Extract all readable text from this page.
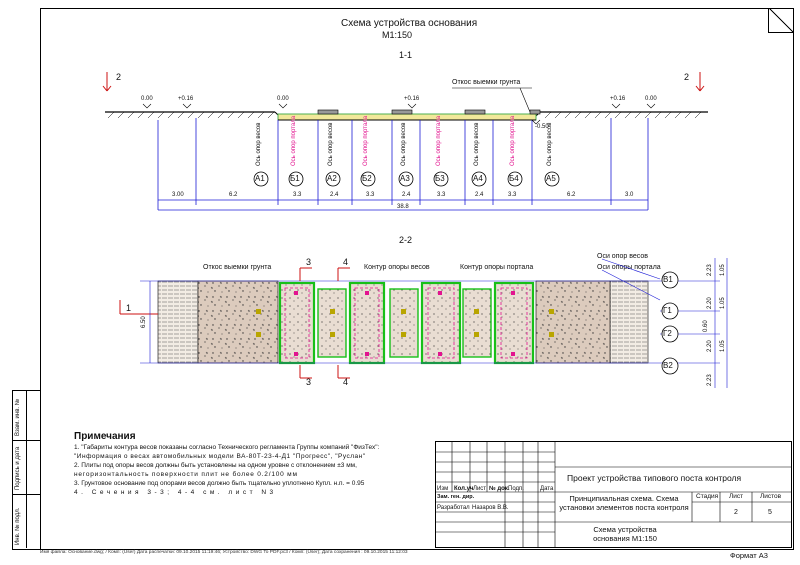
Схема устройства основания
М1:150
1-1
2	2
Откос выемки грунта
0.00	+0.16	0.00	+0.16
-0.50
+0.16	0.00
Ось опор весов	Ось опор портала	Ось опор весов	Ось опор портала	Ось опор весов	Ось опор портала	Ось опор весов	Ось опор портала	Ось опор весов
А1	Б1	А2	Б2	А3	Б3	А4	Б4	А5
3.00	6.2	3.3	2.4	3.3	2.4	3.3	2.4	3.3	6.2	3.0
38.8
2-2
Откос выемки грунта	Контур опоры весов	Контур опоры портала
Оси опор весов
Оси опоры портала
3	4
3	4
1
В1
Г1
Г2
В2
6.50
2.23 1.05
2.20 1.05
0.60
2.20 1.05
2.23
Примечания
1. "Габариты контура весов показаны согласно Технического регламента Группы компаний "ФизТех":
"Информация о весах автомобильных модели ВА-80Т-23-4-Д1 "Прогресс", "Руслан"
2. Плиты под опоры весов должны быть установлены на одном уровне с отклонением ±3 мм,
негоризонтальность поверхности плит не более 0.2/100 мм
3. Грунтовое основание под опорами весов должно быть тщательно уплотнено Купл. н.п. = 0.95
4. Сечения 3-3; 4-4 см. лист N3
Взам. инв. №
Подпись и дата
Инв. № подл.
Проект устройства типового поста контроля
Изм Кол.уч Лист № док.
Подп.	Дата
Зам. ген. дир.
Разработал Назаров В.В.
Принципиальная схема. Схема установки элементов поста контроля
Стадия Лист	Листов
2	5
Схема устройства основания М1:150
Имя файла: Основание.dwg; / Комп: (User) Дата распечатки: 09.10.2015 11:19:46; Устройство: DWG To PDF.pc3 / Комп: (User); Дата сохранения : 09.10.2015 11:12:03	Формат А3
